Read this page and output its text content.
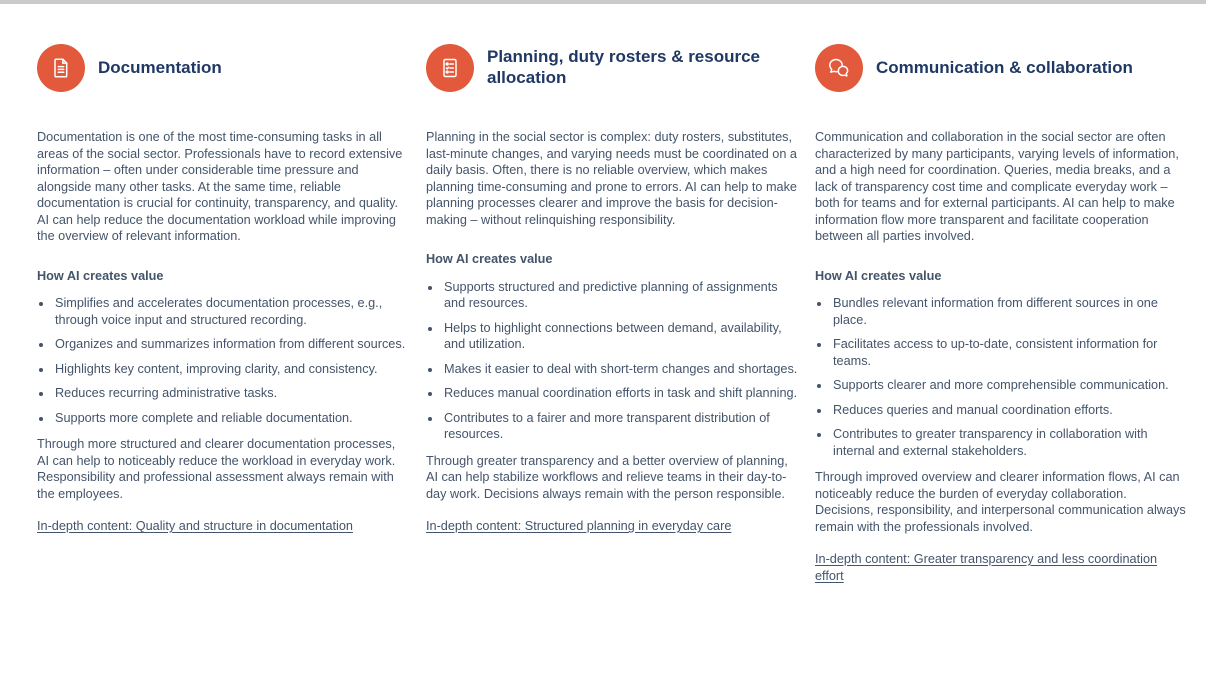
Documentation

Documentation is one of the most time-consuming tasks in all areas of the social sector. Professionals have to record extensive information – often under considerable time pressure and alongside many other tasks. At the same time, reliable documentation is crucial for continuity, transparency, and quality. AI can help reduce the documentation workload while improving the overview of relevant information.

How AI creates value

• Simplifies and accelerates documentation processes, e.g., through voice input and structured recording.
• Organizes and summarizes information from different sources.
• Highlights key content, improving clarity, and consistency.
• Reduces recurring administrative tasks.
• Supports more complete and reliable documentation.

Through more structured and clearer documentation processes, AI can help to noticeably reduce the workload in everyday work. Responsibility and professional assessment always remain with the employees.

In-depth content: Quality and structure in documentation
Planning, duty rosters & resource allocation

Planning in the social sector is complex: duty rosters, substitutes, last-minute changes, and varying needs must be coordinated on a daily basis. Often, there is no reliable overview, which makes planning time-consuming and prone to errors. AI can help to make planning processes clearer and improve the basis for decision-making – without relinquishing responsibility.

How AI creates value

• Supports structured and predictive planning of assignments and resources.
• Helps to highlight connections between demand, availability, and utilization.
• Makes it easier to deal with short-term changes and shortages.
• Reduces manual coordination efforts in task and shift planning.
• Contributes to a fairer and more transparent distribution of resources.

Through greater transparency and a better overview of planning, AI can help stabilize workflows and relieve teams in their day-to-day work. Decisions always remain with the person responsible.

In-depth content: Structured planning in everyday care
Communication & collaboration

Communication and collaboration in the social sector are often characterized by many participants, varying levels of information, and a high need for coordination. Queries, media breaks, and a lack of transparency cost time and complicate everyday work – both for teams and for external participants. AI can help to make information flow more transparent and facilitate cooperation between all parties involved.

How AI creates value

• Bundles relevant information from different sources in one place.
• Facilitates access to up-to-date, consistent information for teams.
• Supports clearer and more comprehensible communication.
• Reduces queries and manual coordination efforts.
• Contributes to greater transparency in collaboration with internal and external stakeholders.

Through improved overview and clearer information flows, AI can noticeably reduce the burden of everyday collaboration. Decisions, responsibility, and interpersonal communication always remain with the professionals involved.

In-depth content: Greater transparency and less coordination effort
